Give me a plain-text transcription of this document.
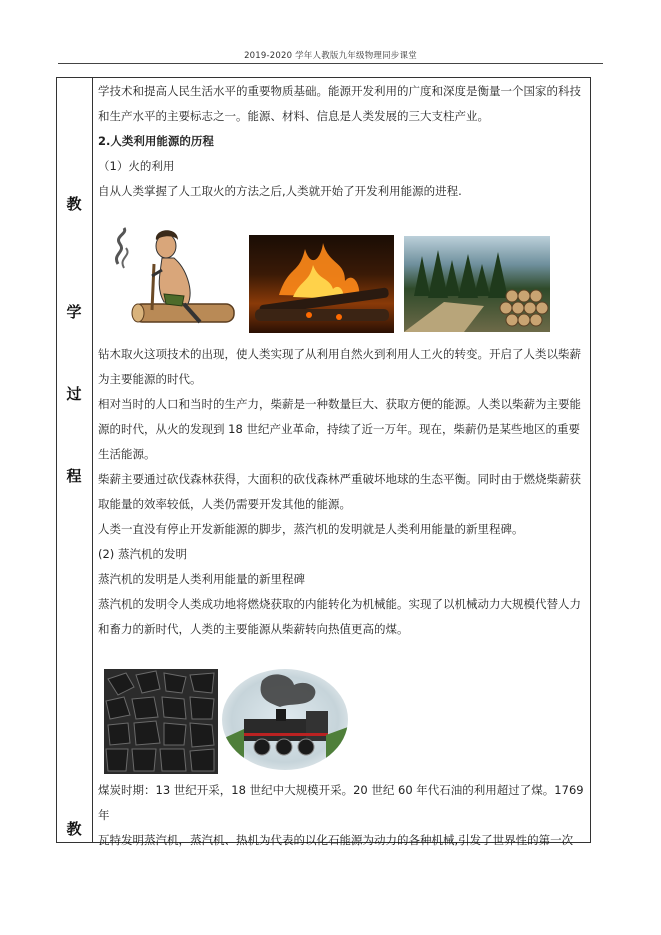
2019-2020 学年人教版九年级物理同步课堂
教
学
过
程
教

学技术和提高人民生活水平的重要物质基础。能源开发利用的广度和深度是衡量一个国家的科技

和生产水平的主要标志之一。能源、材料、信息是人类发展的三大支柱产业。

2.人类利用能源的历程

（1）火的利用

自从人类掌握了人工取火的方法之后,人类就开始了开发利用能源的进程.

钻木取火这项技术的出现，使人类实现了从利用自然火到利用人工火的转变。开启了人类以柴薪

为主要能源的时代。

相对当时的人口和当时的生产力，柴薪是一种数量巨大、获取方便的能源。人类以柴薪为主要能

源的时代，从火的发现到 18 世纪产业革命，持续了近一万年。现在，柴薪仍是某些地区的重要

生活能源。

柴薪主要通过砍伐森林获得，大面积的砍伐森林严重破坏地球的生态平衡。同时由于燃烧柴薪获

取能量的效率较低，人类仍需要开发其他的能源。

人类一直没有停止开发新能源的脚步，蒸汽机的发明就是人类利用能量的新里程碑。

(2) 蒸汽机的发明

蒸汽机的发明是人类利用能量的新里程碑

蒸汽机的发明令人类成功地将燃烧获取的内能转化为机械能。实现了以机械动力大规模代替人力

和畜力的新时代，人类的主要能源从柴薪转向热值更高的煤。

煤炭时期：13 世纪开采，18 世纪中大规模开采。20 世纪 60 年代石油的利用超过了煤。1769 年

瓦特发明蒸汽机，蒸汽机、热机为代表的以化石能源为动力的各种机械,引发了世界性的第一次
